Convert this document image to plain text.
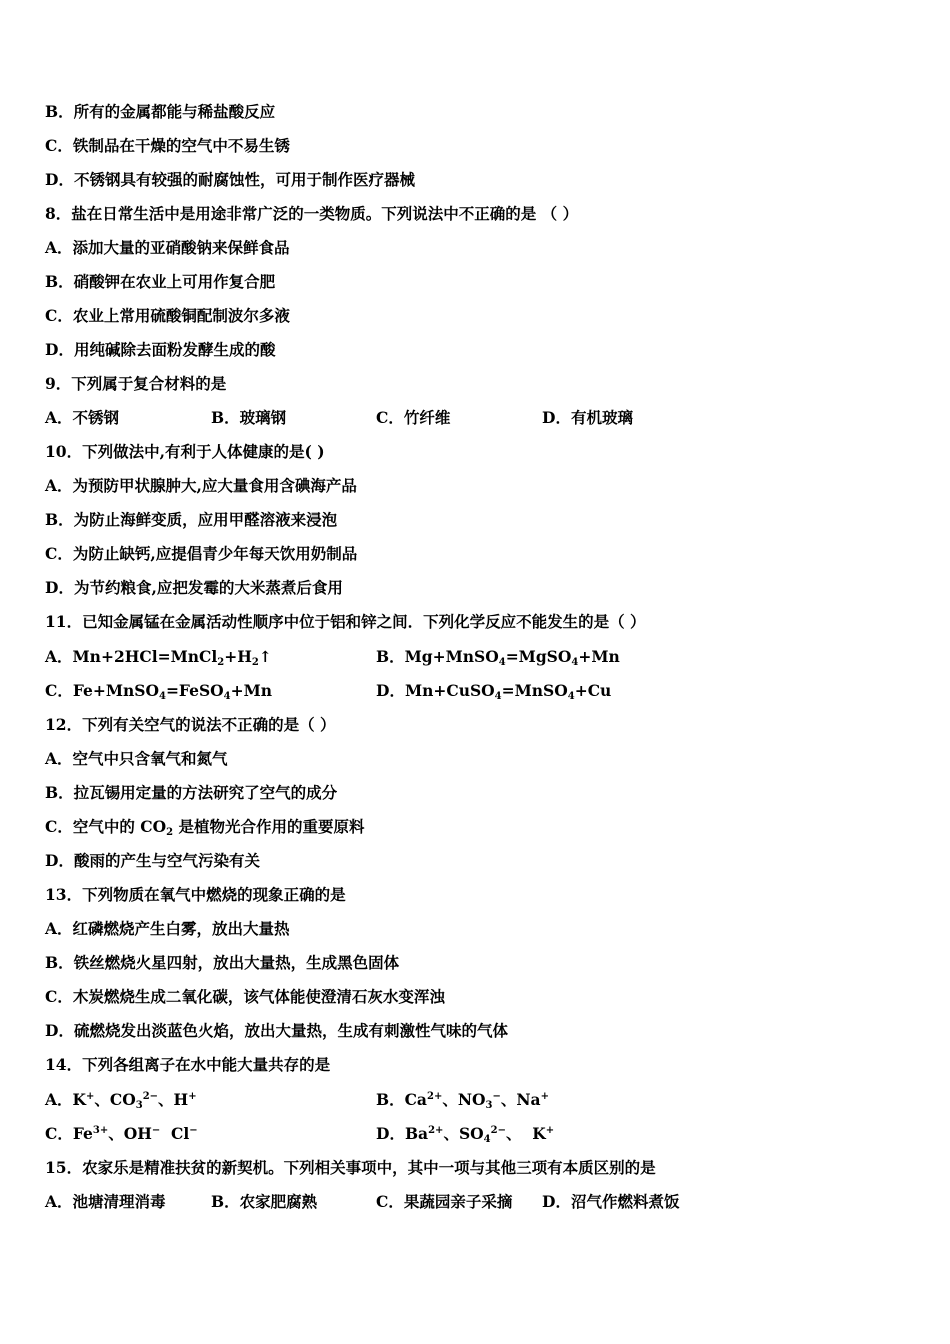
B．所有的金属都能与稀盐酸反应
C．铁制品在干燥的空气中不易生锈
D．不锈钢具有较强的耐腐蚀性，可用于制作医疗器械
8．盐在日常生活中是用途非常广泛的一类物质。下列说法中不正确的是 （ ）
A．添加大量的亚硝酸钠来保鲜食品
B．硝酸钾在农业上可用作复合肥
C．农业上常用硫酸铜配制波尔多液
D．用纯碱除去面粉发酵生成的酸
9．下列属于复合材料的是
A．不锈钢	B．玻璃钢	C．竹纤维	D．有机玻璃
10．下列做法中,有利于人体健康的是( )
A．为预防甲状腺肿大,应大量食用含碘海产品
B．为防止海鲜变质，应用甲醛溶液来浸泡
C．为防止缺钙,应提倡青少年每天饮用奶制品
D．为节约粮食,应把发霉的大米蒸煮后食用
11．已知金属锰在金属活动性顺序中位于铝和锌之间．下列化学反应不能发生的是（ ）
A．$Mn+2HCl=MnCl_2+H_2↑$	B．Mg+MnSO$_4$=MgSO$_4$+Mn
C．Fe+MnSO$_4$=FeSO$_4$+Mn	D．Mn+CuSO$_4$=MnSO$_4$+Cu
12．下列有关空气的说法不正确的是（ ）
A．空气中只含氧气和氮气
B．拉瓦锡用定量的方法研究了空气的成分
C．空气中的 $CO_2$ 是植物光合作用的重要原料
D．酸雨的产生与空气污染有关
13．下列物质在氧气中燃烧的现象正确的是
A．红磷燃烧产生白雾，放出大量热
B．铁丝燃烧火星四射，放出大量热，生成黑色固体
C．木炭燃烧生成二氧化碳，该气体能使澄清石灰水变浑浊
D．硫燃烧发出淡蓝色火焰，放出大量热，生成有刺激性气味的气体
14．下列各组离子在水中能大量共存的是
A．K+、$CO_3^{2-}$、H+	B．$Ca^{2+}$、$NO_3^-$、Na+
C．$Fe^{3+}$、OH−  Cl−	D．$Ba^{2+}$、$SO_4^{2-}$、  K+
15．农家乐是精准扶贫的新契机。下列相关事项中，其中一项与其他三项有本质区别的是
A．池塘清理消毒	B．农家肥腐熟	C．果蔬园亲子采摘 D．沼气作燃料煮饭
